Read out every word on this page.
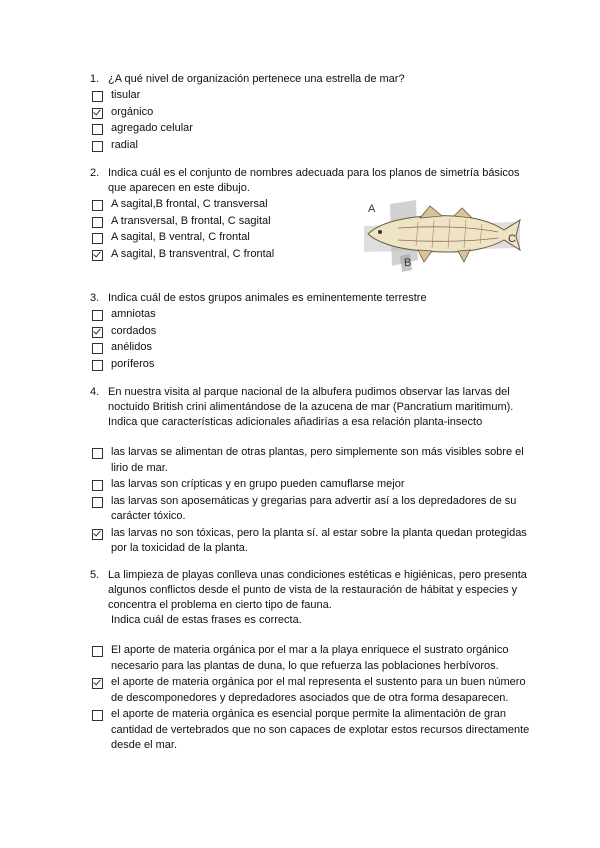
1. ¿A qué nivel de organización pertenece una estrella de mar?
tisular
orgánico
agregado celular
radial
2. Indica cuál es el conjunto de nombres adecuada para los planos de simetría básicos que aparecen en este dibujo.
A sagital,B frontal, C transversal
A transversal, B frontal, C sagital
A sagital, B ventral, C frontal
A sagital, B transventral, C frontal
A
B
C
3. Indica cuál de estos grupos animales es eminentemente terrestre
amniotas
cordados
anélidos
poríferos
4. En nuestra visita al parque nacional de la albufera pudimos observar las larvas del noctuido British crini alimentándose de la azucena de mar (Pancratium maritimum). Indica que características adicionales añadirías a esa relación planta-insecto
las larvas se alimentan de otras plantas, pero simplemente son más visibles sobre el lirio de mar.
las larvas son crípticas y en grupo pueden camuflarse mejor
las larvas son aposemáticas y gregarias para advertir así a los depredadores de su carácter tóxico.
las larvas no son tóxicas, pero la planta sí. al estar sobre la planta quedan protegidas por la toxicidad de la planta.
5. La limpieza de playas conlleva unas condiciones estéticas e higiénicas, pero presenta algunos conflictos desde el punto de vista de la restauración de hábitat y especies y concentra el problema en cierto tipo de fauna.
Indica cuál de estas frases es correcta.
El aporte de materia orgánica por el mar a la playa enriquece el sustrato orgánico necesario para las plantas de duna, lo que refuerza las poblaciones herbívoros.
el aporte de materia orgánica por el mal representa el sustento para un buen número de descomponedores y depredadores asociados que de otra forma desaparecen.
el aporte de materia orgánica es esencial porque permite la alimentación de gran cantidad de vertebrados que no son capaces de explotar estos recursos directamente desde el mar.
